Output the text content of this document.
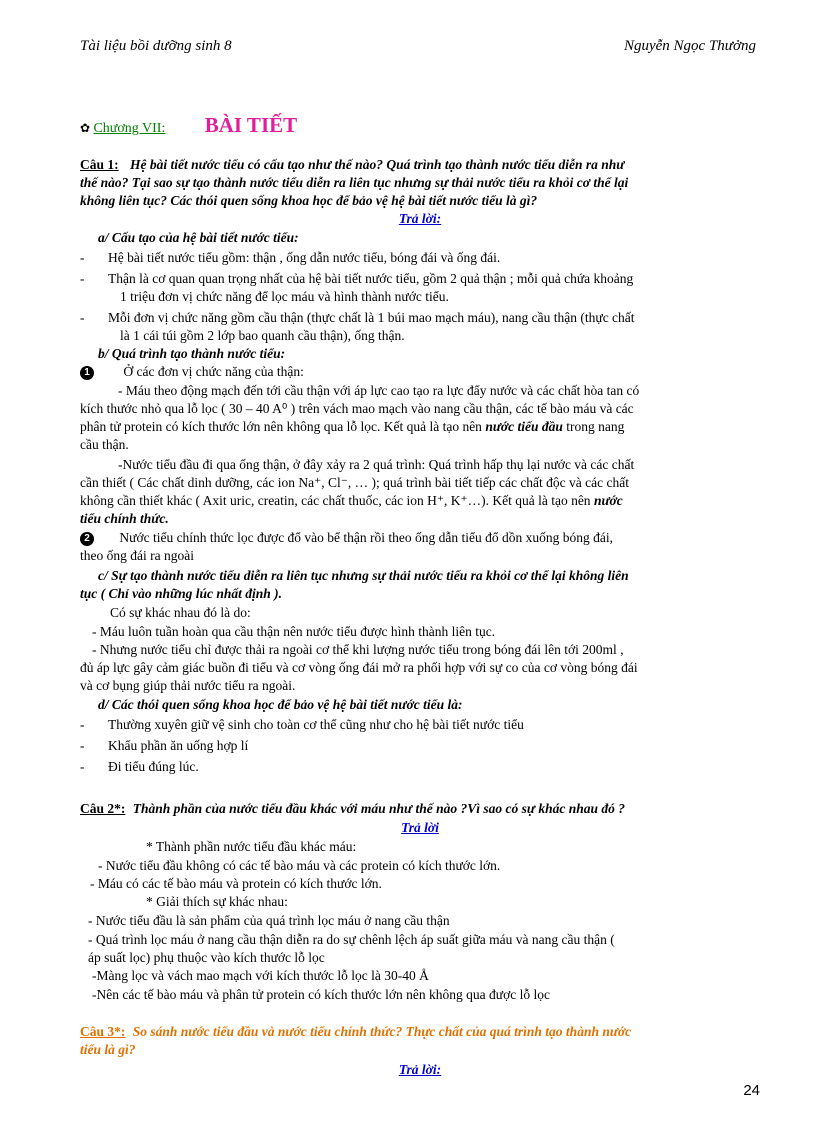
Tài liệu bồi dưỡng sinh 8	Nguyễn Ngọc Thưởng
✿ Chương VII: BÀI TIẾT
Câu 1: Hệ bài tiết nước tiểu có cấu tạo như thế nào? Quá trình tạo thành nước tiểu diễn ra như
thế nào? Tại sao sự tạo thành nước tiểu diễn ra liên tục nhưng sự thải nước tiểu ra khỏi cơ thể lại
không liên tục? Các thói quen sống khoa học để bảo vệ hệ bài tiết nước tiểu là gì?
Trả lời:
a/ Cấu tạo của hệ bài tiết nước tiểu:
- Hệ bài tiết nước tiểu gồm: thận , ống dẫn nước tiểu, bóng đái và ống đái.
- Thận là cơ quan quan trọng nhất của hệ bài tiết nước tiểu, gồm 2 quả thận ; mỗi quả chứa khoảng
1 triệu đơn vị chức năng để lọc máu và hình thành nước tiểu.
- Mỗi đơn vị chức năng gồm cầu thận (thực chất là 1 búi mao mạch máu), nang cầu thận (thực chất
là 1 cái túi gồm 2 lớp bao quanh cầu thận), ống thận.
b/ Quá trình tạo thành nước tiểu:
1 Ở các đơn vị chức năng của thận:
- Máu theo động mạch đến tới cầu thận với áp lực cao tạo ra lực đẩy nước và các chất hòa tan có
kích thước nhỏ qua lỗ lọc ( 30 – 40 A⁰ ) trên vách mao mạch vào nang cầu thận, các tế bào máu và các
phân tử protein có kích thước lớn nên không qua lỗ lọc. Kết quả là tạo nên nước tiểu đầu trong nang
cầu thận.
-Nước tiểu đầu đi qua ống thận, ở đây xảy ra 2 quá trình: Quá trình hấp thụ lại nước và các chất
cần thiết ( Các chất dinh dưỡng, các ion Na⁺, Cl⁻, … ); quá trình bài tiết tiếp các chất độc và các chất
không cần thiết khác ( Axit uric, creatin, các chất thuốc, các ion H⁺, K⁺…). Kết quả là tạo nên nước
tiểu chính thức.
2 Nước tiểu chính thức lọc được đổ vào bể thận rồi theo ống dẫn tiểu đổ dồn xuống bóng đái,
theo ống đái ra ngoài
c/ Sự tạo thành nước tiểu diễn ra liên tục nhưng sự thải nước tiểu ra khỏi cơ thể lại không liên
tục ( Chỉ vào những lúc nhất định ).
Có sự khác nhau đó là do:
- Máu luôn tuần hoàn qua cầu thận nên nước tiểu được hình thành liên tục.
- Nhưng nước tiểu chỉ được thải ra ngoài cơ thể khi lượng nước tiểu trong bóng đái lên tới 200ml ,
đủ áp lực gây cảm giác buồn đi tiểu và cơ vòng ống đái mở ra phối hợp với sự co của cơ vòng bóng đái
và cơ bụng giúp thải nước tiểu ra ngoài.
d/ Các thói quen sống khoa học để bảo vệ hệ bài tiết nước tiểu là:
- Thường xuyên giữ vệ sinh cho toàn cơ thể cũng như cho hệ bài tiết nước tiểu
- Khẩu phần ăn uống hợp lí
- Đi tiểu đúng lúc.
Câu 2*: Thành phần của nước tiểu đầu khác với máu như thế nào ?Vì sao có sự khác nhau đó ?
Trả lời
* Thành phần nước tiểu đầu khác máu:
- Nước tiểu đầu không có các tế bào máu và các protein có kích thước lớn.
- Máu có các tế bào máu và protein có kích thước lớn.
* Giải thích sự khác nhau:
- Nước tiểu đầu là sản phẩm của quá trình lọc máu ở nang cầu thận
- Quá trình lọc máu ở nang cầu thận diễn ra do sự chênh lệch áp suất giữa máu và nang cầu thận (
áp suất lọc) phụ thuộc vào kích thước lỗ lọc
-Màng lọc và vách mao mạch với kích thước lỗ lọc là 30-40 Å
-Nên các tế bào máu và phân tử protein có kích thước lớn nên không qua được lỗ lọc
Câu 3*: So sánh nước tiểu đầu và nước tiểu chính thức? Thực chất của quá trình tạo thành nước
tiểu là gì?
Trả lời:
24
